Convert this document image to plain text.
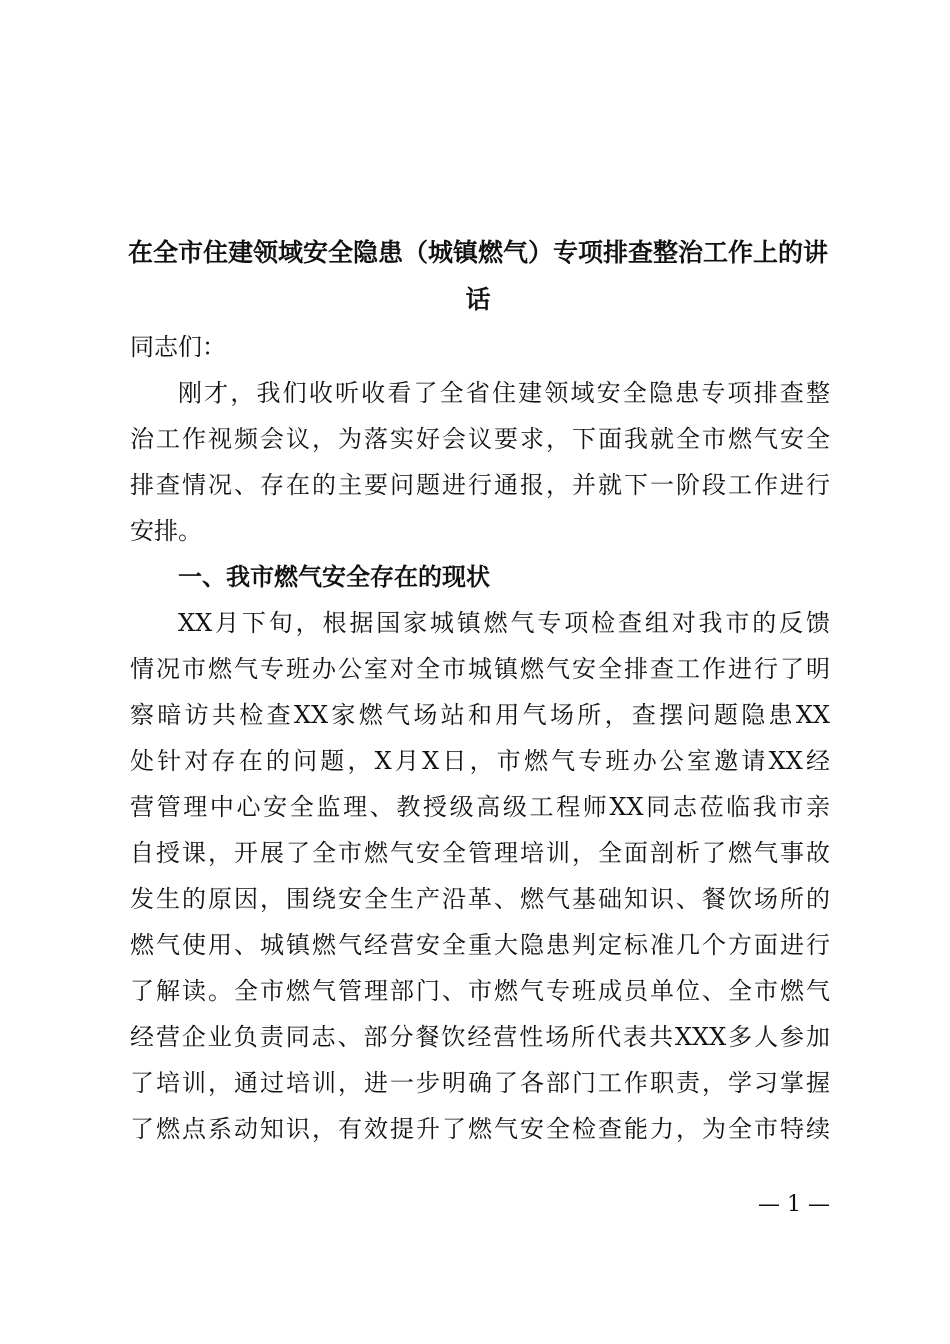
在全市住建领域安全隐患（城镇燃气）专项排查整治工作上的讲
话

同志们：

刚才，我们收听收看了全省住建领域安全隐患专项排查整

治工作视频会议，为落实好会议要求，下面我就全市燃气安全

排查情况、存在的主要问题进行通报，并就下一阶段工作进行

安排。

一、我市燃气安全存在的现状

XX月下旬，根据国家城镇燃气专项检查组对我市的反馈

情况市燃气专班办公室对全市城镇燃气安全排查工作进行了明

察暗访共检查XX家燃气场站和用气场所，查摆问题隐患XX

处针对存在的问题，X月X日，市燃气专班办公室邀请XX经

营管理中心安全监理、教授级高级工程师XX同志莅临我市亲

自授课，开展了全市燃气安全管理培训，全面剖析了燃气事故

发生的原因，围绕安全生产沿革、燃气基础知识、餐饮场所的

燃气使用、城镇燃气经营安全重大隐患判定标准几个方面进行

了解读。全市燃气管理部门、市燃气专班成员单位、全市燃气

经营企业负责同志、部分餐饮经营性场所代表共XXX多人参加

了培训，通过培训，进一步明确了各部门工作职责，学习掌握

了燃点系动知识，有效提升了燃气安全检查能力，为全市特续

— 1 —
